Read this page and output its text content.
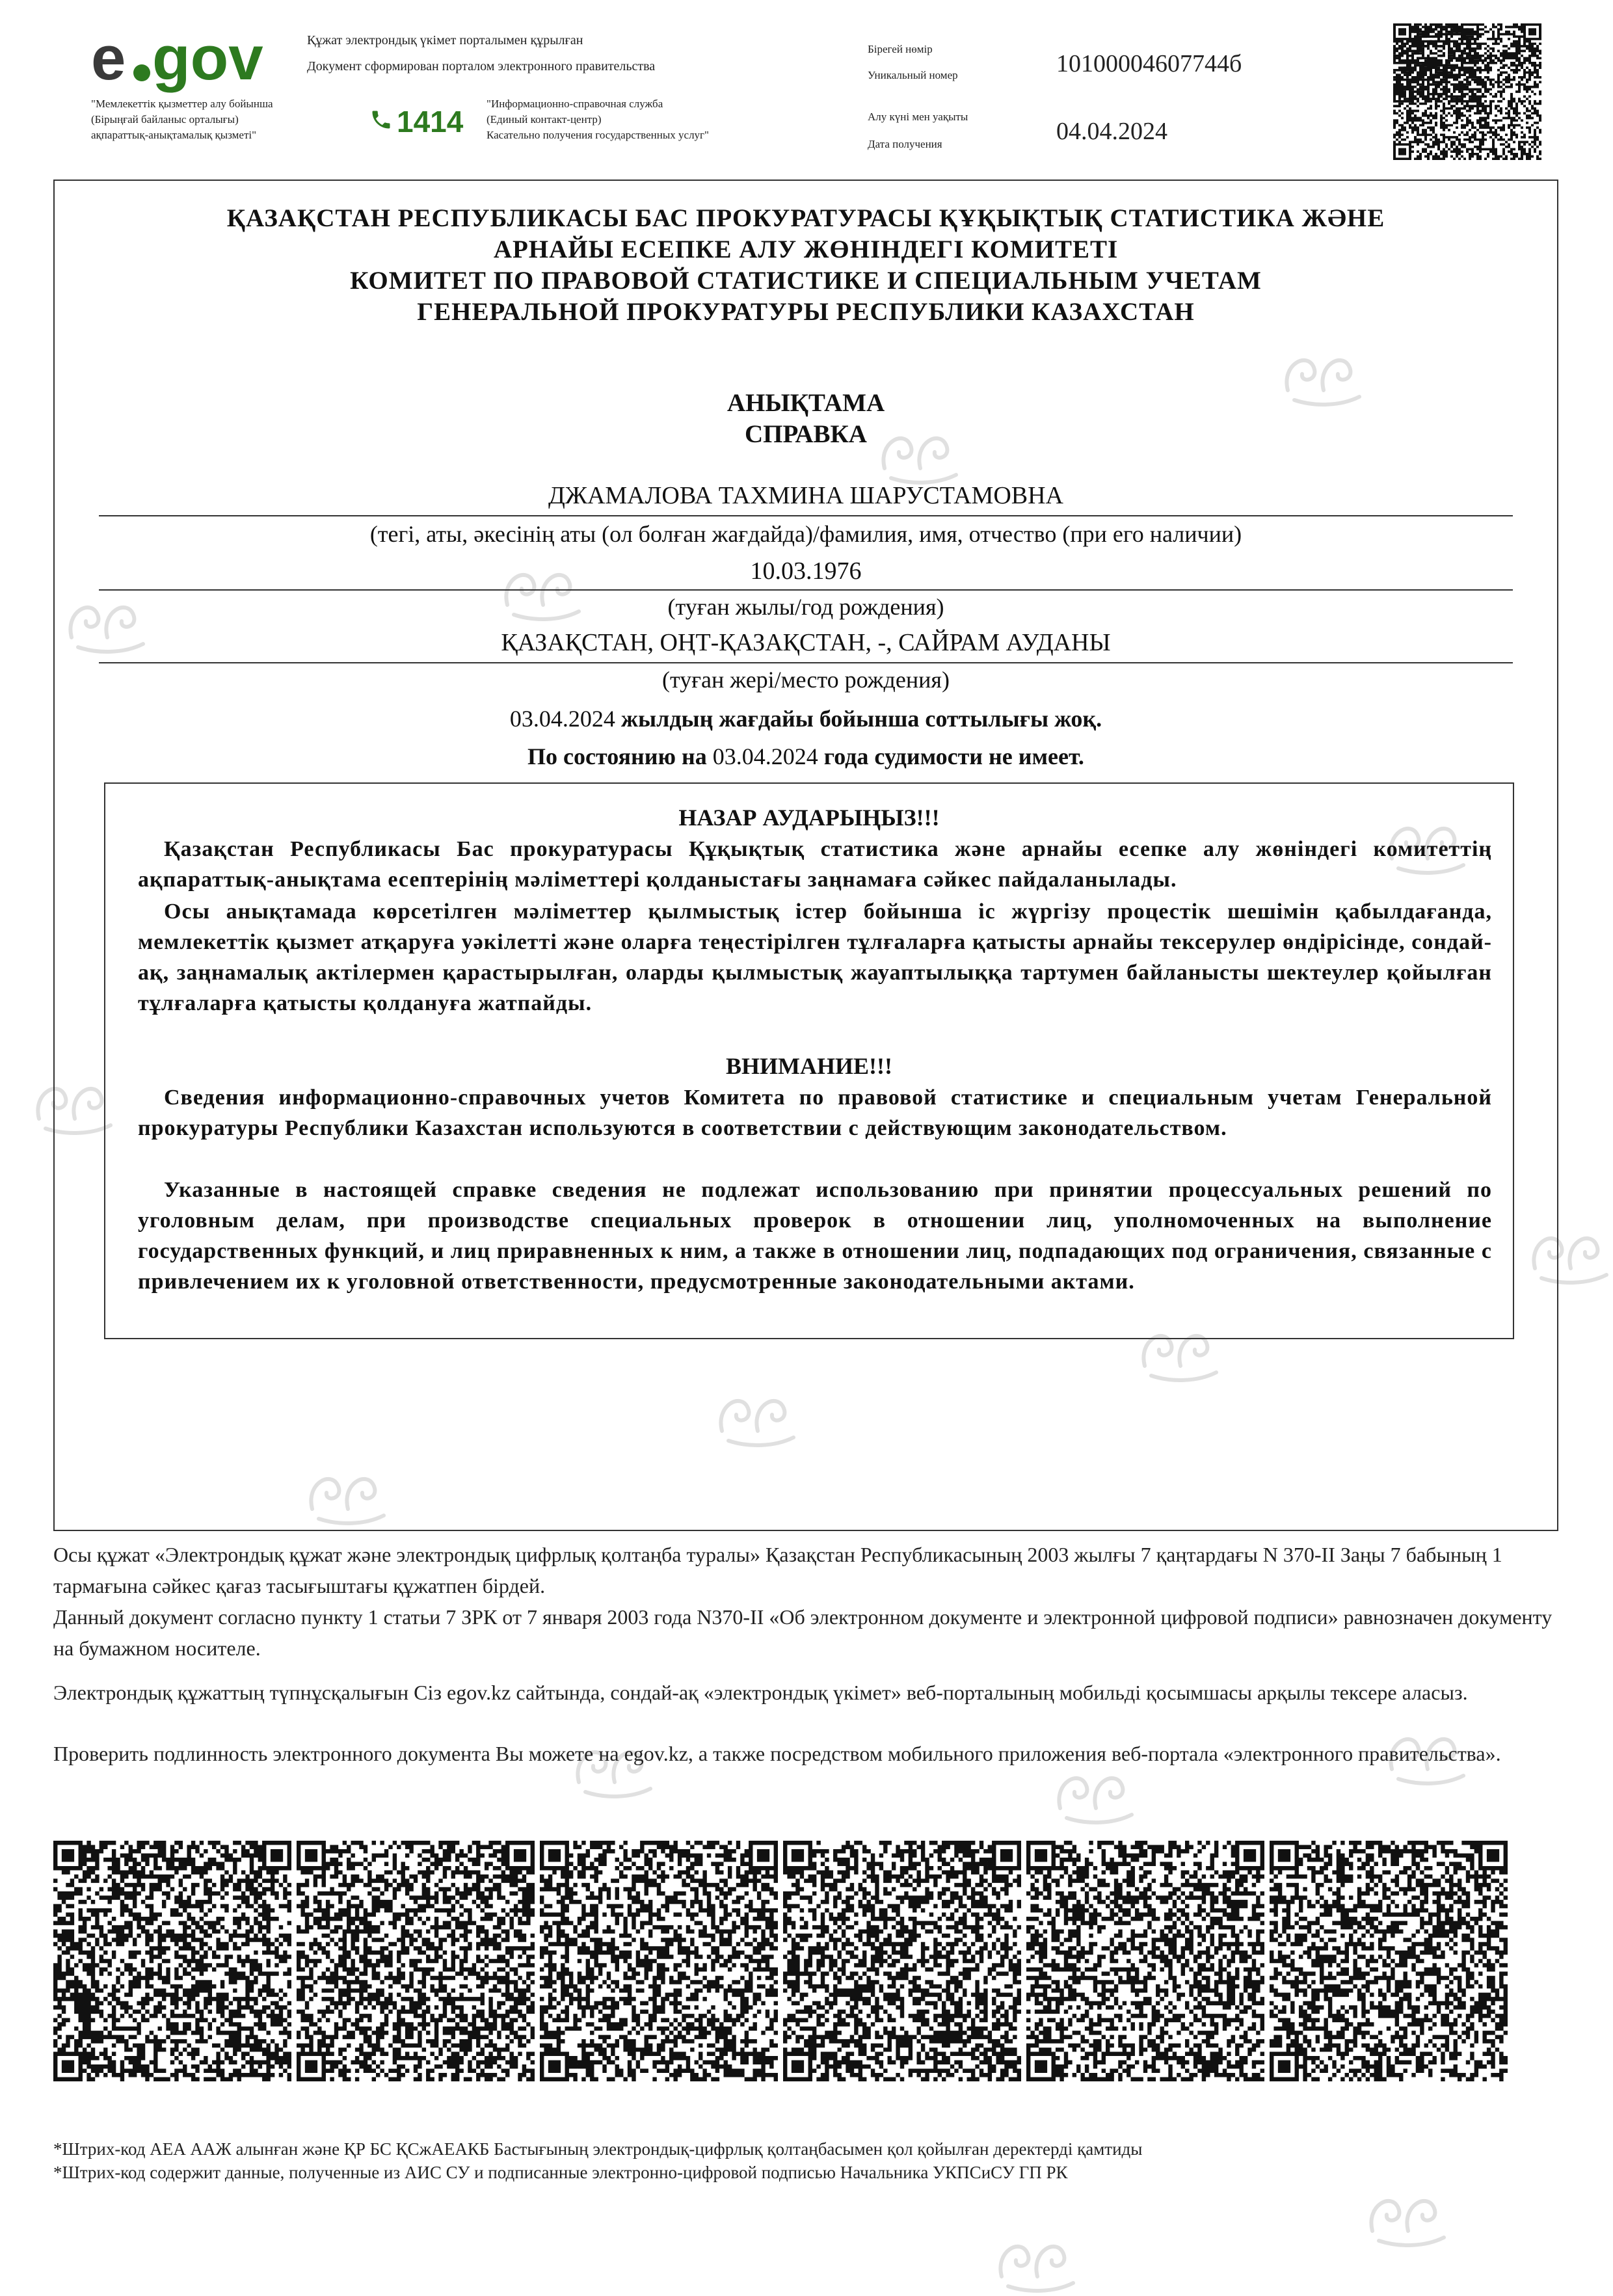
e gov	Құжат электрондық үкімет порталымен құрылған
Документ сформирован порталом электронного правительства
"Мемлекеттік қызметтер алу бойынша
(Бірыңғай байланыс орталығы)
ақпараттық-анықтамалық қызметі"	1414
"Информационно-справочная служба
(Единый контакт-центр)
Касательно получения государственных услуг"
Бірегей нөмір
Уникальный номер	10100004607744б
Алу күні мен уақыты
Дата получения	04.04.2024
ҚАЗАҚСТАН РЕСПУБЛИКАСЫ БАС ПРОКУРАТУРАСЫ ҚҰҚЫҚТЫҚ СТАТИСТИКА ЖӘНЕ
АРНАЙЫ ЕСЕПКЕ АЛУ ЖӨНІНДЕГІ КОМИТЕТІ
КОМИТЕТ ПО ПРАВОВОЙ СТАТИСТИКЕ И СПЕЦИАЛЬНЫМ УЧЕТАМ
ГЕНЕРАЛЬНОЙ ПРОКУРАТУРЫ РЕСПУБЛИКИ КАЗАХСТАН
АНЫҚТАМА
СПРАВКА
ДЖАМАЛОВА ТАХМИНА ШАРУСТАМОВНА
(тегі, аты, әкесінің аты (ол болған жағдайда)/фамилия, имя, отчество (при его наличии)
10.03.1976
(туған жылы/год рождения)
ҚАЗАҚСТАН, ОҢТ-ҚАЗАҚСТАН, -, САЙРАМ АУДАНЫ
(туған жері/место рождения)
03.04.2024 жылдың жағдайы бойынша соттылығы жоқ.
По состоянию на 03.04.2024 года судимости не имеет.
НАЗАР АУДАРЫҢЫЗ!!!
Қазақстан Республикасы Бас прокуратурасы Құқықтық статистика және арнайы есепке алу жөніндегі комитеттің ақпараттық-анықтама есептерінің мәліметтері қолданыстағы заңнамаға сәйкес пайдаланылады.
Осы анықтамада көрсетілген мәліметтер қылмыстық істер бойынша іс жүргізу процестік шешімін қабылдағанда, мемлекеттік қызмет атқаруға уәкілетті және оларға теңестірілген тұлғаларға қатысты арнайы тексерулер өндірісінде, сондай-ақ, заңнамалық актілермен қарастырылған, оларды қылмыстық жауаптылыққа тартумен байланысты шектеулер қойылған тұлғаларға қатысты қолдануға жатпайды.
ВНИМАНИЕ!!!
Сведения информационно-справочных учетов Комитета по правовой статистике и специальным учетам Генеральной прокуратуры Республики Казахстан используются в соответствии с действующим законодательством.
Указанные в настоящей справке сведения не подлежат использованию при принятии процессуальных решений по уголовным делам, при производстве специальных проверок в отношении лиц, уполномоченных на выполнение государственных функций, и лиц приравненных к ним, а также в отношении лиц, подпадающих под ограничения, связанные с привлечением их к уголовной ответственности, предусмотренные законодательными актами.
Осы құжат «Электрондық құжат және электрондық цифрлық қолтаңба туралы» Қазақстан Республикасының 2003 жылғы 7 қаңтардағы N 370-II Заңы 7 бабының 1 тармағына сәйкес қағаз тасығыштағы құжатпен бірдей.
Данный документ согласно пункту 1 статьи 7 ЗРК от 7 января 2003 года N370-II «Об электронном документе и электронной цифровой подписи» равнозначен документу на бумажном носителе.
Электрондық құжаттың түпнұсқалығын Сіз egov.kz сайтында, сондай-ақ «электрондық үкімет» веб-порталының мобильді қосымшасы арқылы тексере аласыз.
Проверить подлинность электронного документа Вы можете на egov.kz, а также посредством мобильного приложения веб-портала «электронного правительства».
*Штрих-код АЕА ААЖ алынған және ҚР БС ҚСжАЕАКБ Бастығының электрондық-цифрлық қолтаңбасымен қол қойылған деректерді қамтиды
*Штрих-код содержит данные, полученные из АИС СУ и подписанные электронно-цифровой подписью Начальника УКПСиСУ ГП РК
